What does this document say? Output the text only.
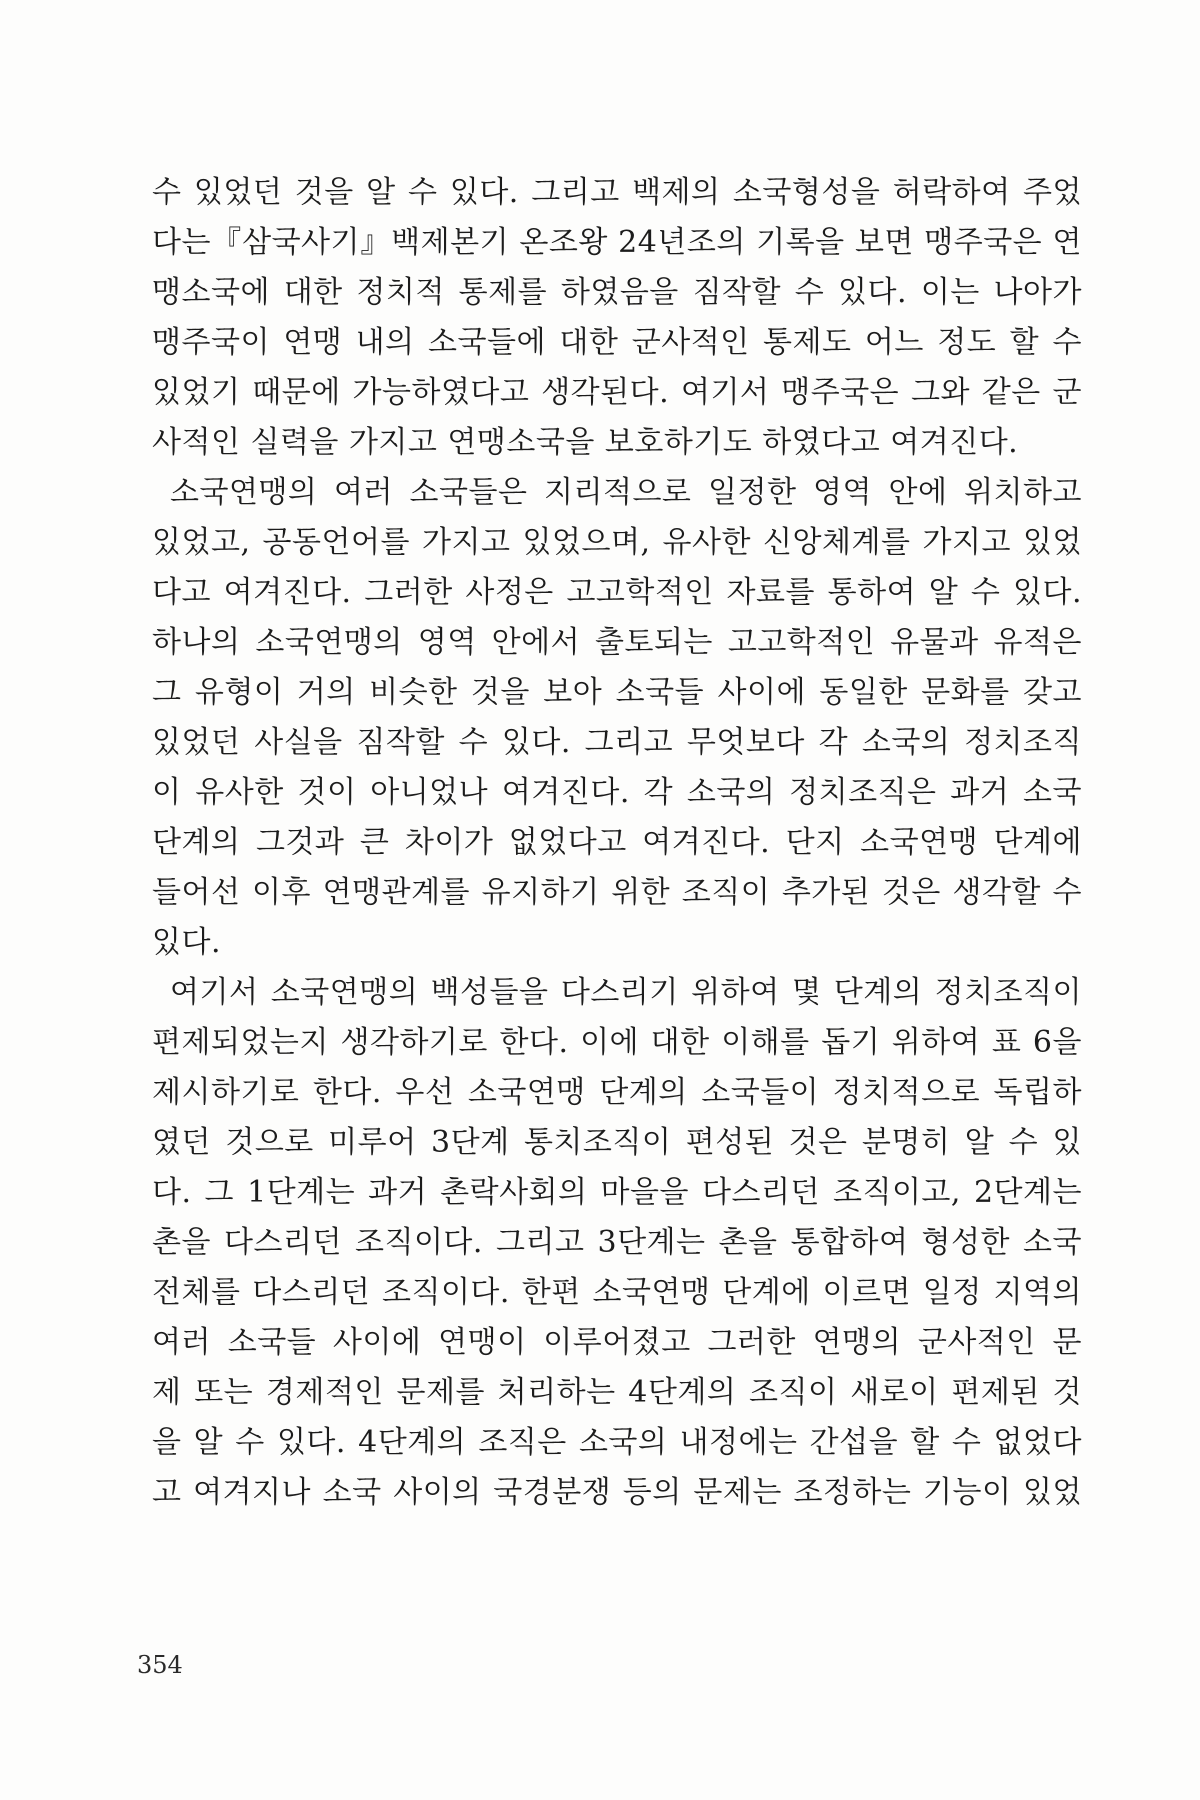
수 있었던 것을 알 수 있다. 그리고 백제의 소국형성을 허락하여 주었
다는『삼국사기』백제본기 온조왕 24년조의 기록을 보면 맹주국은 연
맹소국에 대한 정치적 통제를 하였음을 짐작할 수 있다. 이는 나아가
맹주국이 연맹 내의 소국들에 대한 군사적인 통제도 어느 정도 할 수
있었기 때문에 가능하였다고 생각된다. 여기서 맹주국은 그와 같은 군
사적인 실력을 가지고 연맹소국을 보호하기도 하였다고 여겨진다.
소국연맹의 여러 소국들은 지리적으로 일정한 영역 안에 위치하고
있었고, 공동언어를 가지고 있었으며, 유사한 신앙체계를 가지고 있었
다고 여겨진다. 그러한 사정은 고고학적인 자료를 통하여 알 수 있다.
하나의 소국연맹의 영역 안에서 출토되는 고고학적인 유물과 유적은
그 유형이 거의 비슷한 것을 보아 소국들 사이에 동일한 문화를 갖고
있었던 사실을 짐작할 수 있다. 그리고 무엇보다 각 소국의 정치조직
이 유사한 것이 아니었나 여겨진다. 각 소국의 정치조직은 과거 소국
단계의 그것과 큰 차이가 없었다고 여겨진다. 단지 소국연맹 단계에
들어선 이후 연맹관계를 유지하기 위한 조직이 추가된 것은 생각할 수
있다.
여기서 소국연맹의 백성들을 다스리기 위하여 몇 단계의 정치조직이
편제되었는지 생각하기로 한다. 이에 대한 이해를 돕기 위하여 표 6을
제시하기로 한다. 우선 소국연맹 단계의 소국들이 정치적으로 독립하
였던 것으로 미루어 3단계 통치조직이 편성된 것은 분명히 알 수 있
다. 그 1단계는 과거 촌락사회의 마을을 다스리던 조직이고, 2단계는
촌을 다스리던 조직이다. 그리고 3단계는 촌을 통합하여 형성한 소국
전체를 다스리던 조직이다. 한편 소국연맹 단계에 이르면 일정 지역의
여러 소국들 사이에 연맹이 이루어졌고 그러한 연맹의 군사적인 문
제 또는 경제적인 문제를 처리하는 4단계의 조직이 새로이 편제된 것
을 알 수 있다. 4단계의 조직은 소국의 내정에는 간섭을 할 수 없었다
고 여겨지나 소국 사이의 국경분쟁 등의 문제는 조정하는 기능이 있었
354
